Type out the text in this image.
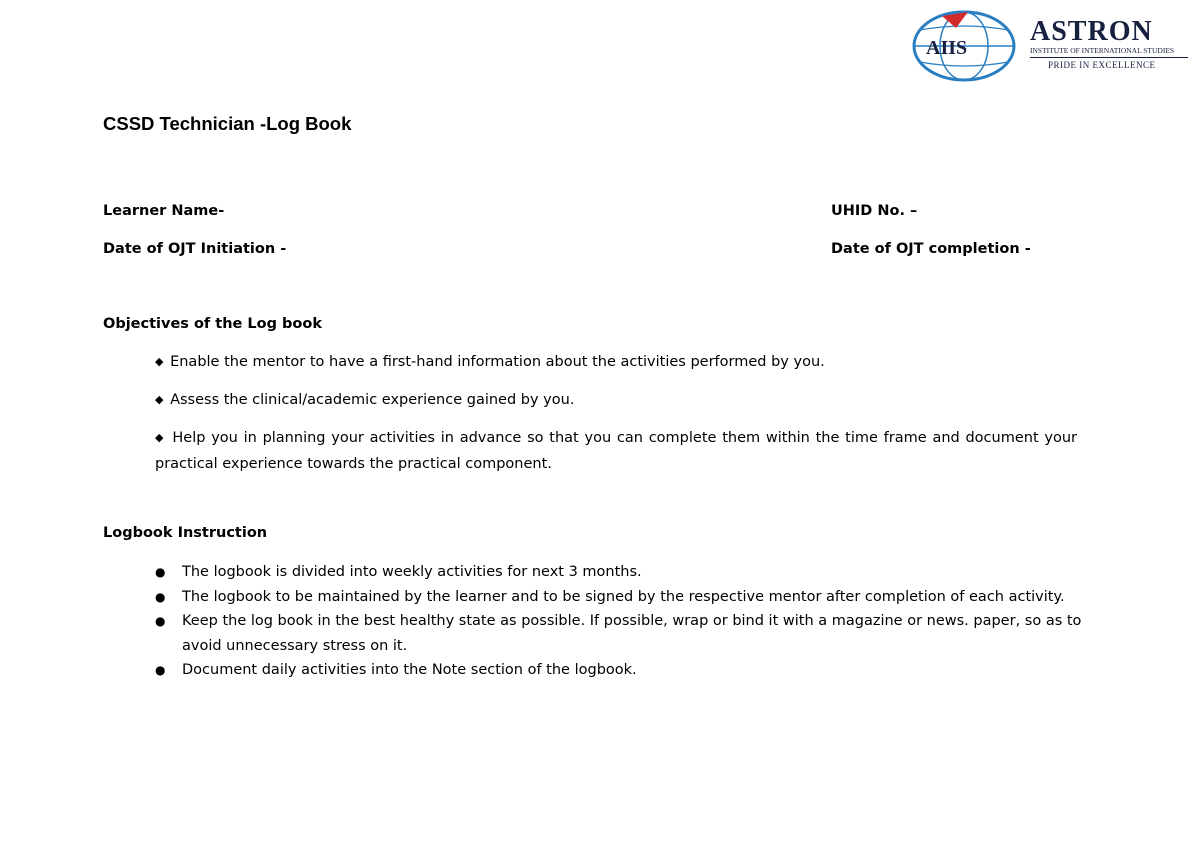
AIIS
ASTRON
INSTITUTE OF INTERNATIONAL STUDIES
PRIDE IN EXCELLENCE
CSSD Technician -Log Book
Learner Name-	UHID No. –
Date of OJT Initiation -	Date of OJT completion -
Objectives of the Log book
◆ Enable the mentor to have a first-hand information about the activities performed by you.
◆ Assess the clinical/academic experience gained by you.
◆ Help you in planning your activities in advance so that you can complete them within the time frame and document your practical experience towards the practical component.
Logbook Instruction
● The logbook is divided into weekly activities for next 3 months.
● The logbook to be maintained by the learner and to be signed by the respective mentor after completion of each activity.
● Keep the log book in the best healthy state as possible. If possible, wrap or bind it with a magazine or news. paper, so as to avoid unnecessary stress on it.
● Document daily activities into the Note section of the logbook.
